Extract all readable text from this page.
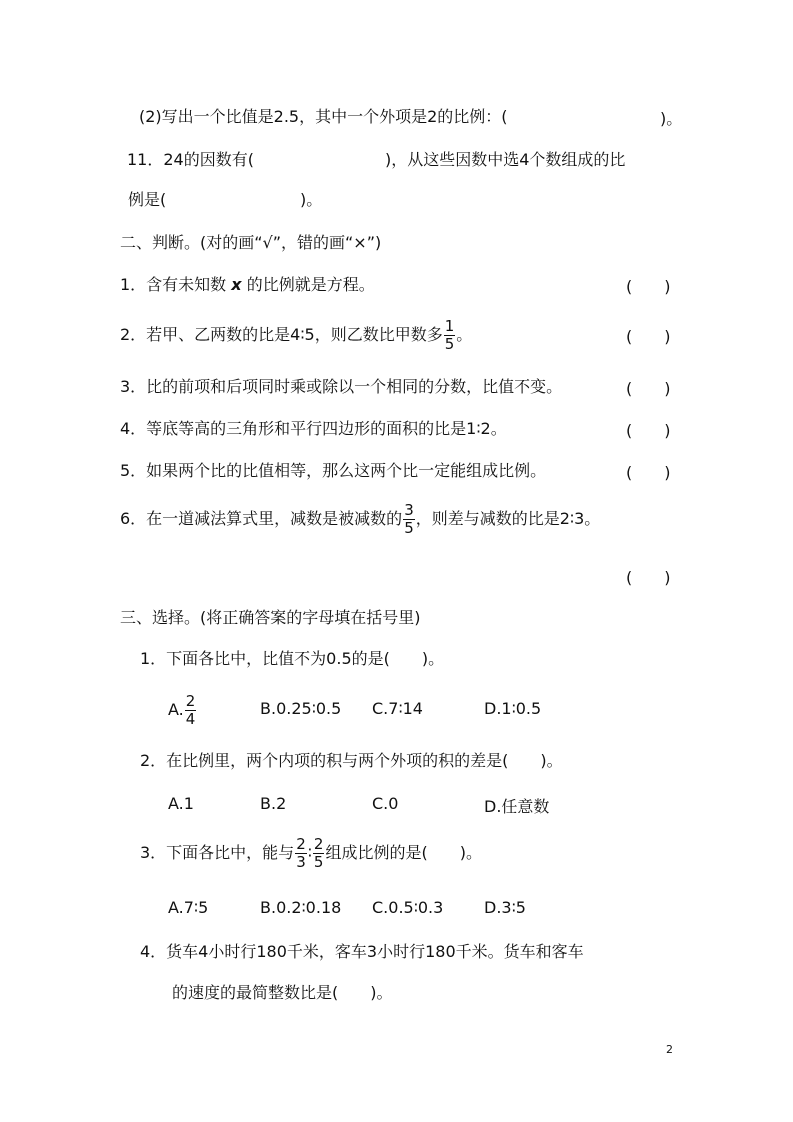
(2)写出一个比值是2.5，其中一个外项是2的比例：(	)。
11．24的因数有(	)，从这些因数中选4个数组成的比
例是(	)。
二、判断。(对的画“√”，错的画“×”)
1．含有未知数 x 的比例就是方程。	(　　)
2．若甲、乙两数的比是4∶5，则乙数比甲数多 $\frac{1}{5}$ 。	(　　)
3．比的前项和后项同时乘或除以一个相同的分数，比值不变。	(　　)
4．等底等高的三角形和平行四边形的面积的比是1∶2。	(　　)
5．如果两个比的比值相等，那么这两个比一定能组成比例。	(　　)
6．在一道减法算式里，减数是被减数的 $\frac{3}{5}$ ，则差与减数的比是2∶3。
(　　)
三、选择。(将正确答案的字母填在括号里)
1．下面各比中，比值不为0.5的是(　　)。
A. $\frac{2}{4}$	B.0.25∶0.5 C.7∶14	D.1∶0.5
2．在比例里，两个内项的积与两个外项的积的差是(　　)。
A.1	B.2	C.0	D.任意数
3．下面各比中，能与 $\frac{2}{3}$ ∶ $\frac{2}{5}$ 组成比例的是(　　)。
A.7∶5	B.0.2∶0.18 C.0.5∶0.3	D.3∶5
4．货车4小时行180千米，客车3小时行180千米。货车和客车
的速度的最简整数比是(　　)。
2
